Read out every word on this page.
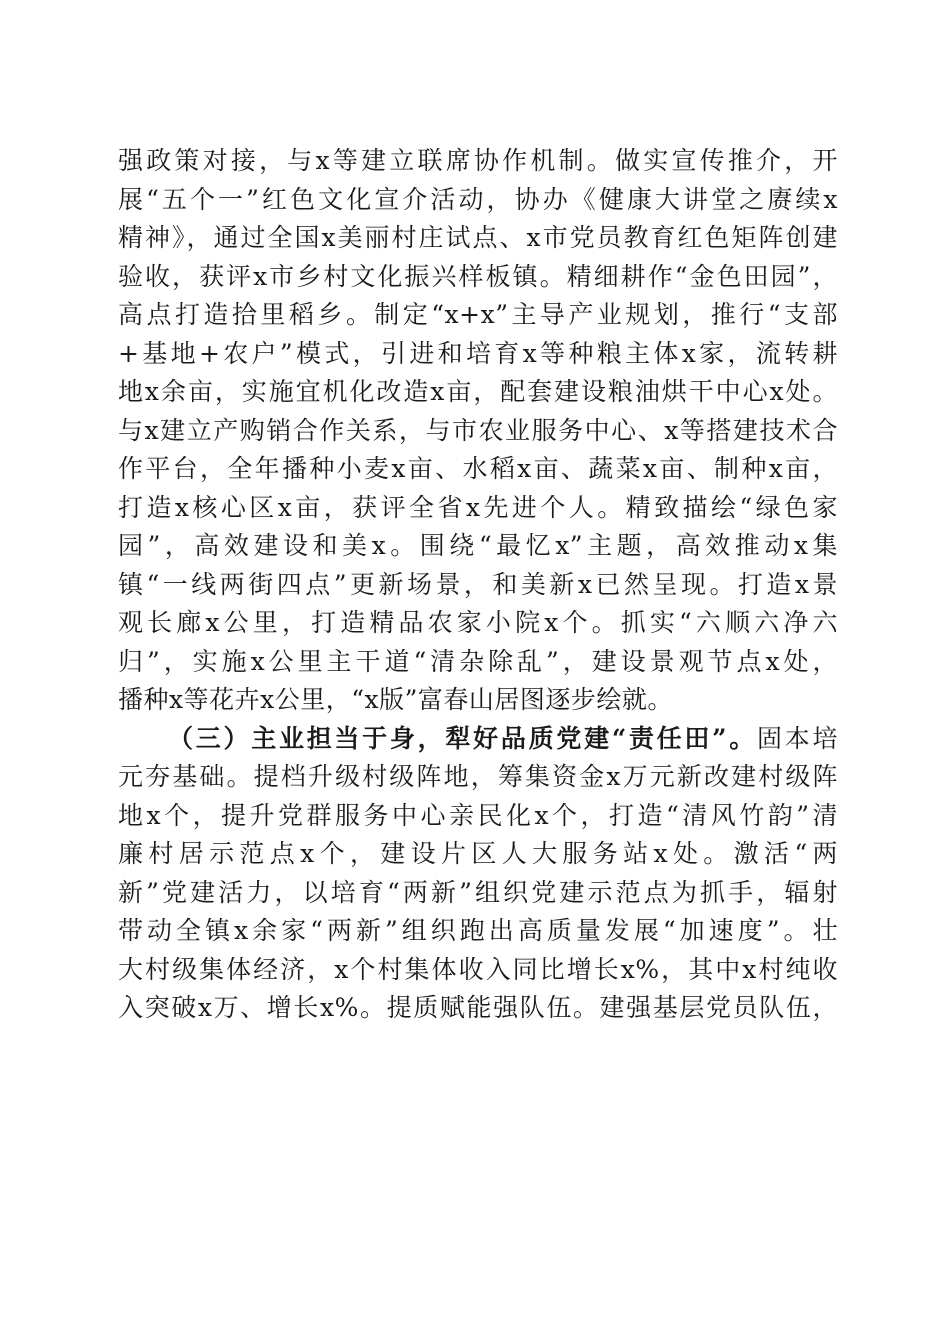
强政策对接，与x等建立联席协作机制。做实宣传推介，开
展“五个一”红色文化宣介活动，协办《健康大讲堂之赓续x
精神》，通过全国x美丽村庄试点、x市党员教育红色矩阵创建
验收，获评x市乡村文化振兴样板镇。精细耕作“金色田园”，
高点打造拾里稻乡。制定“x+x”主导产业规划，推行“支部
+基地+农户”模式，引进和培育x等种粮主体x家，流转耕
地x余亩，实施宜机化改造x亩，配套建设粮油烘干中心x处。
与x建立产购销合作关系，与市农业服务中心、x等搭建技术合
作平台，全年播种小麦x亩、水稻x亩、蔬菜x亩、制种x亩，
打造x核心区x亩，获评全省x先进个人。精致描绘“绿色家
园”，高效建设和美x。围绕“最忆x”主题，高效推动x集
镇“一线两街四点”更新场景，和美新x已然呈现。打造x景
观长廊x公里，打造精品农家小院x个。抓实“六顺六净六
归”，实施x公里主干道“清杂除乱”，建设景观节点x处，
播种x等花卉x公里，“x版”富春山居图逐步绘就。
（三）主业担当于身，犁好品质党建“责任田”。固本培
元夯基础。提档升级村级阵地，筹集资金x万元新改建村级阵
地x个，提升党群服务中心亲民化x个，打造“清风竹韵”清
廉村居示范点x个，建设片区人大服务站x处。激活“两
新”党建活力，以培育“两新”组织党建示范点为抓手，辐射
带动全镇x余家“两新”组织跑出高质量发展“加速度”。壮
大村级集体经济，x个村集体收入同比增长x%，其中x村纯收
入突破x万、增长x%。提质赋能强队伍。建强基层党员队伍，
